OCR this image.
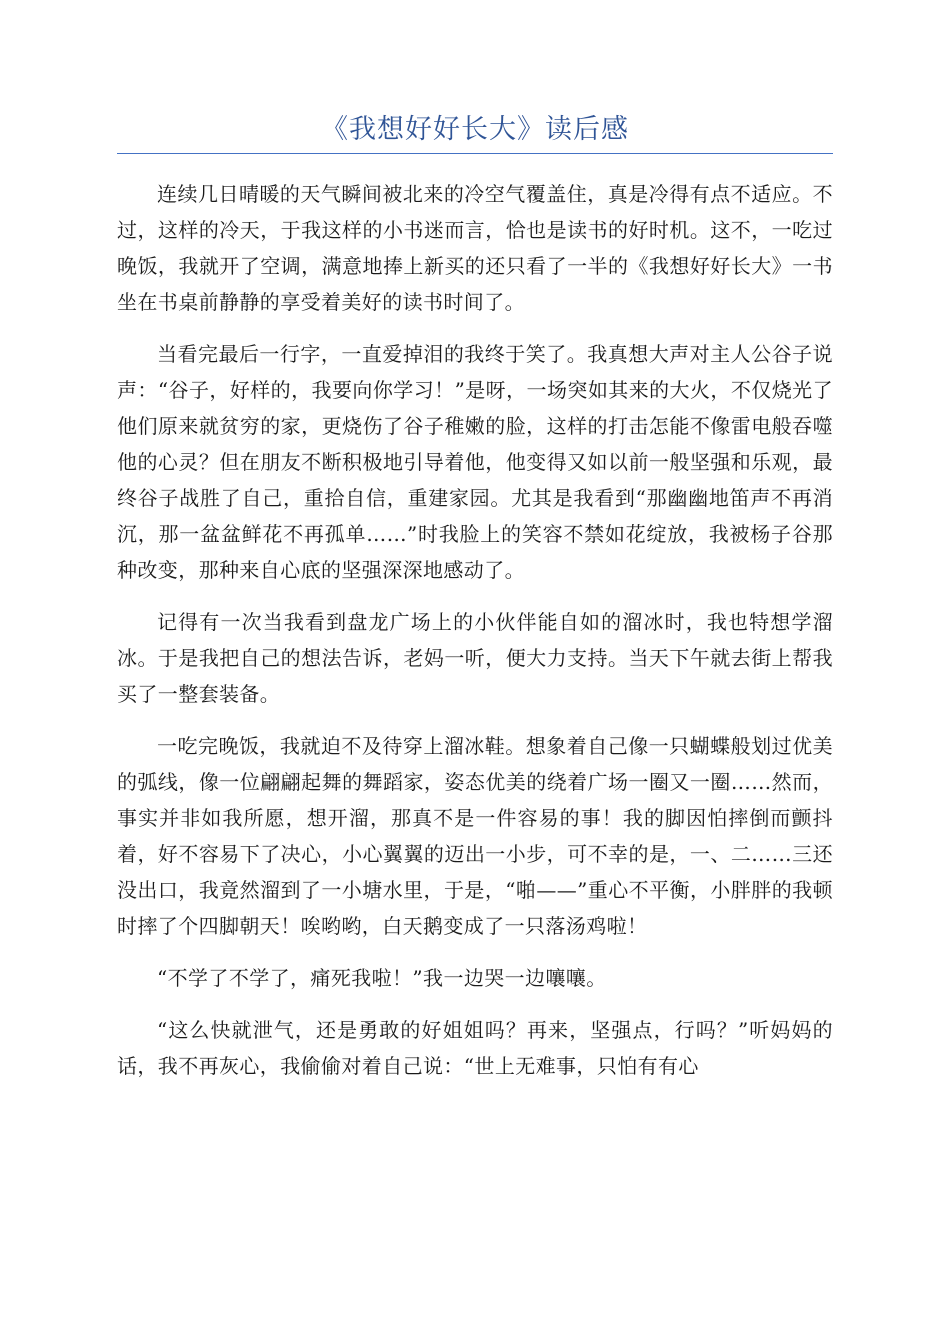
《我想好好长大》读后感

连续几日晴暖的天气瞬间被北来的冷空气覆盖住，真是冷得有点不适应。不过，这样的冷天，于我这样的小书迷而言，恰也是读书的好时机。这不，一吃过晚饭，我就开了空调，满意地捧上新买的还只看了一半的《我想好好长大》一书坐在书桌前静静的享受着美好的读书时间了。

当看完最后一行字，一直爱掉泪的我终于笑了。我真想大声对主人公谷子说声：“谷子，好样的，我要向你学习！”是呀，一场突如其来的大火，不仅烧光了他们原来就贫穷的家，更烧伤了谷子稚嫩的脸，这样的打击怎能不像雷电般吞噬他的心灵？但在朋友不断积极地引导着他，他变得又如以前一般坚强和乐观，最终谷子战胜了自己，重拾自信，重建家园。尤其是我看到“那幽幽地笛声不再消沉，那一盆盆鲜花不再孤单……”时我脸上的笑容不禁如花绽放，我被杨子谷那种改变，那种来自心底的坚强深深地感动了。

记得有一次当我看到盘龙广场上的小伙伴能自如的溜冰时，我也特想学溜冰。于是我把自己的想法告诉，老妈一听，便大力支持。当天下午就去街上帮我买了一整套装备。

一吃完晚饭，我就迫不及待穿上溜冰鞋。想象着自己像一只蝴蝶般划过优美的弧线，像一位翩翩起舞的舞蹈家，姿态优美的绕着广场一圈又一圈……然而，事实并非如我所愿，想开溜，那真不是一件容易的事！我的脚因怕摔倒而颤抖着，好不容易下了决心，小心翼翼的迈出一小步，可不幸的是，一、二……三还没出口，我竟然溜到了一小塘水里，于是，“啪——”重心不平衡，小胖胖的我顿时摔了个四脚朝天！唉哟哟，白天鹅变成了一只落汤鸡啦！

“不学了不学了，痛死我啦！”我一边哭一边嚷嚷。

“这么快就泄气，还是勇敢的好姐姐吗？再来，坚强点，行吗？”听妈妈的话，我不再灰心，我偷偷对着自己说：“世上无难事，只怕有有心
